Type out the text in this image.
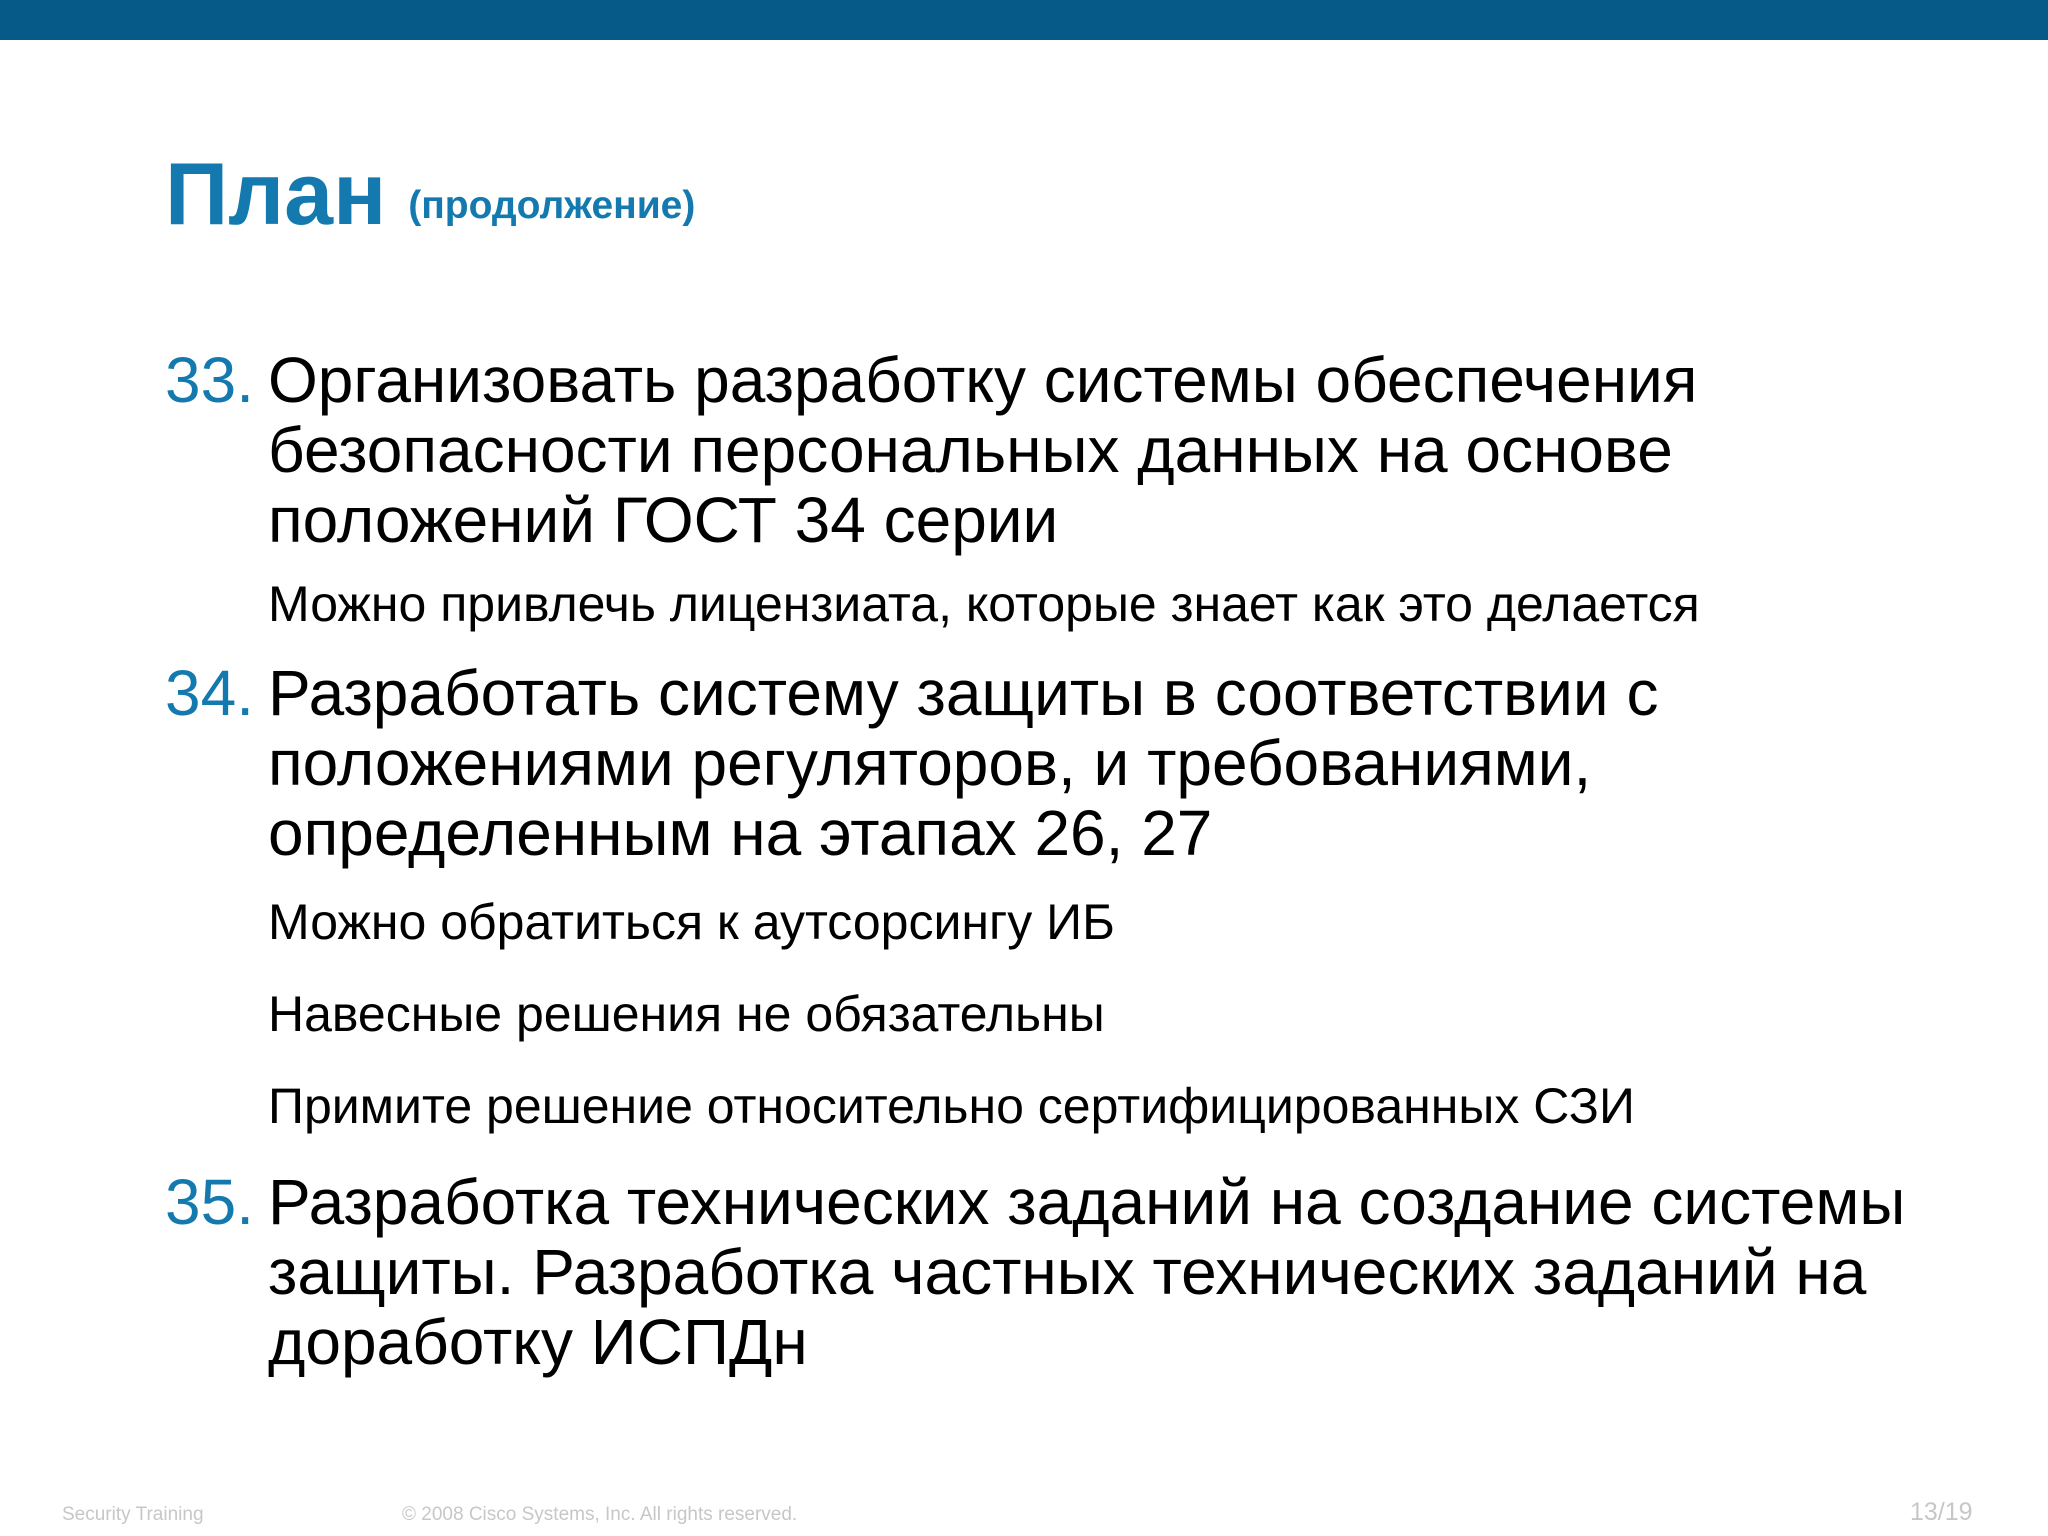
План (продолжение)
33. Организовать разработку системы обеспечения
безопасности персональных данных на основе
положений ГОСТ 34 серии
Можно привлечь лицензиата, которые знает как это делается
34. Разработать систему защиты в соответствии с
положениями регуляторов, и требованиями,
определенным на этапах 26, 27
Можно обратиться к аутсорсингу ИБ
Навесные решения не обязательны
Примите решение относительно сертифицированных СЗИ
35. Разработка технических заданий на создание системы
защиты. Разработка частных технических заданий на
доработку ИСПДн
Security Training	© 2008 Cisco Systems, Inc. All rights reserved.	13/19
